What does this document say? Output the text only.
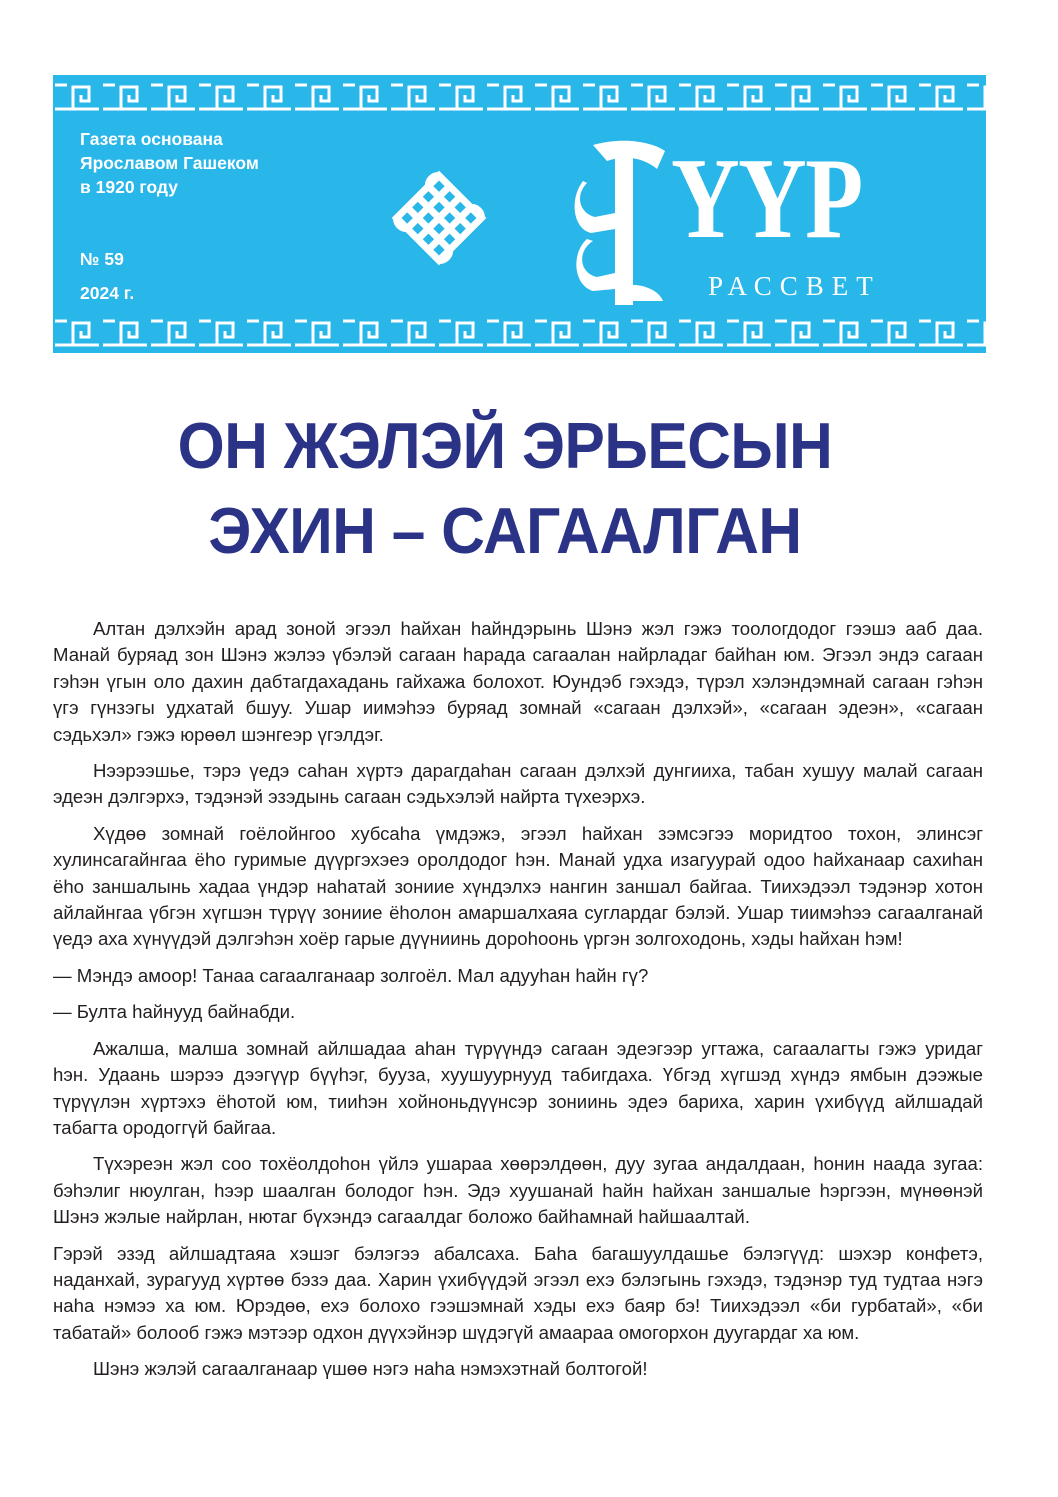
Газета основана
Ярославом Гашеком
в 1920 году
№ 59
2024 г.
ҮҮР
РАССВЕТ
ОН ЖЭЛЭЙ ЭРЬЕСЫН
ЭХИН – САГААЛГАН

Алтан дэлхэйн арад зоной эгээл һайхан һайндэрынь Шэнэ жэл гэжэ тоологдодог гээшэ ааб даа. Манай буряад зон Шэнэ жэлээ үбэлэй сагаан һарада сагаалан найрладаг байһан юм. Эгээл эндэ сагаан гэһэн үгын оло дахин дабтагдахадань гайхажа болохот. Юундэб гэхэдэ, түрэл хэлэндэмнай сагаан гэһэн үгэ гүнзэгы удхатай бшуу. Ушар иимэһээ буряад зомнай «сагаан дэлхэй», «сагаан эдеэн», «сагаан сэдьхэл» гэжэ юрөөл шэнгеэр үгэлдэг.

Нээрээшье, тэрэ үедэ саһан хүртэ дарагдаһан сагаан дэлхэй дунгииха, табан хушуу малай сагаан эдеэн дэлгэрхэ, тэдэнэй эзэдынь сагаан сэдьхэлэй найрта түхеэрхэ.

Хүдөө зомнай гоёлойнгоо хубсаһа үмдэжэ, эгээл һайхан зэмсэгээ моридтоо тохон, элинсэг хулинсагайнгаа ёһо гуримые дүүргэхэеэ оролдодог һэн. Манай удха изагуурай одоо һайханаар сахиһан ёһо заншалынь хадаа үндэр наһатай зониие хүндэлхэ нангин заншал байгаа. Тиихэдээл тэдэнэр хотон айлайнгаа үбгэн хүгшэн түрүү зониие ёһолон амаршалхаяа суглардаг бэлэй. Ушар тиимэһээ сагаалганай үедэ аха хүнүүдэй дэлгэһэн хоёр гарые дүүниинь дороһоонь үргэн золгоходонь, хэды һайхан һэм!

— Мэндэ амоор! Танаа сагаалганаар золгоёл. Мал адууһан һайн гү?

— Булта һайнууд байнабди.

Ажалша, малша зомнай айлшадаа аһан түрүүндэ сагаан эдеэгээр угтажа, сагаалагты гэжэ уридаг һэн. Удаань шэрээ дээгүүр бүүһэг, бууза, хуушуурнууд табигдаха. Үбгэд хүгшэд хүндэ ямбын дээжые түрүүлэн хүртэхэ ёһотой юм, тииһэн хойноньдүүнсэр зониинь эдеэ бариха, харин үхибүүд айлшадай табагта ородоггүй байгаа.

Түхэреэн жэл соо тохёолдоһон үйлэ ушараа хөөрэлдөөн, дуу зугаа андалдаан, һонин наада зугаа: бэһэлиг нюулган, һээр шаалган болодог һэн. Эдэ хуушанай һайн һайхан заншалые һэргээн, мүнөөнэй Шэнэ жэлые найрлан, нютаг бүхэндэ сагаалдаг боложо байһамнай һайшаалтай.

Гэрэй эзэд айлшадтаяа хэшэг бэлэгээ абалсаха. Баһа багашуулдашье бэлэгүүд: шэхэр конфетэ, наданхай, зурагууд хүртөө бэзэ даа. Харин үхибүүдэй эгээл ехэ бэлэгынь гэхэдэ, тэдэнэр туд тудтаа нэгэ наһа нэмээ ха юм. Юрэдөө, ехэ болохо гээшэмнай хэды ехэ баяр бэ! Тиихэдээл «би гурбатай», «би табатай» болооб гэжэ мэтээр одхон дүүхэйнэр шүдэгүй амаараа омогорхон дуугардаг ха юм.

Шэнэ жэлэй сагаалганаар үшөө нэгэ наһа нэмэхэтнай болтогой!
